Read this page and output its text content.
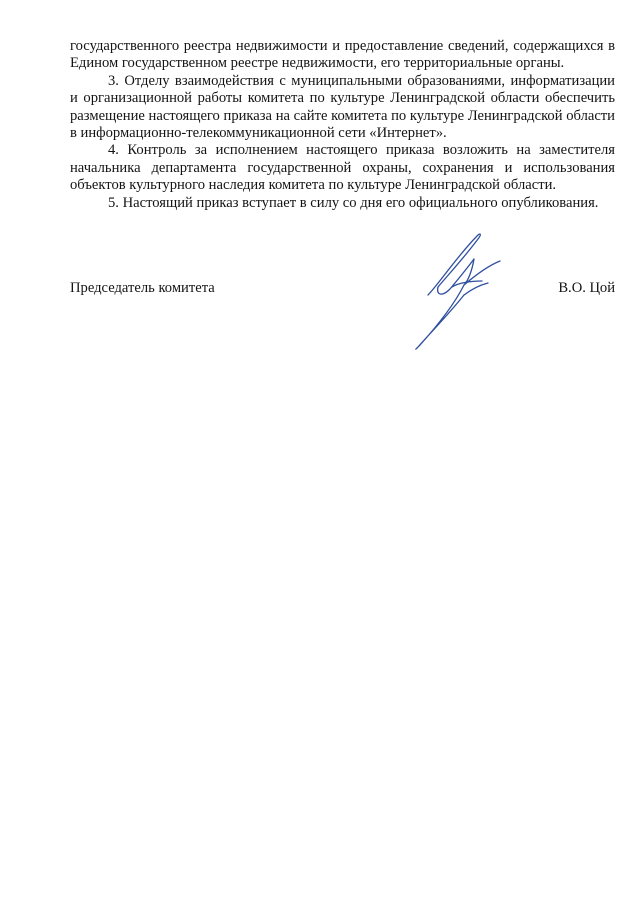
государственного реестра недвижимости и предоставление сведений, содержащихся в Едином государственном реестре недвижимости, его территориальные органы.

3. Отделу взаимодействия с муниципальными образованиями, информатизации и организационной работы комитета по культуре Ленинградской области обеспечить размещение настоящего приказа на сайте комитета по культуре Ленинградской области в информационно-телекоммуникационной сети «Интернет».

4. Контроль за исполнением настоящего приказа возложить на заместителя начальника департамента государственной охраны, сохранения и использования объектов культурного наследия комитета по культуре Ленинградской области.

5. Настоящий приказ вступает в силу со дня его официального опубликования.

Председатель комитета	В.О. Цой
